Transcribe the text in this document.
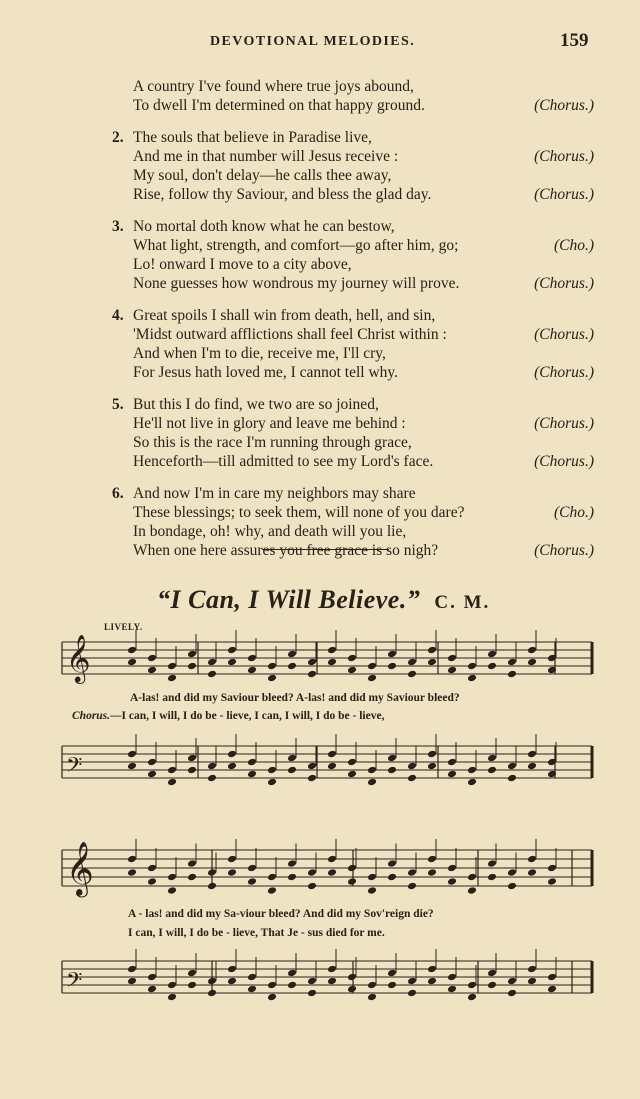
DEVOTIONAL MELODIES.	159
A country I've found where true joys abound,
To dwell I'm determined on that happy ground.	(Chorus.)
2. The souls that believe in Paradise live,
And me in that number will Jesus receive :	(Chorus.)
My soul, don't delay—he calls thee away,
Rise, follow thy Saviour, and bless the glad day.	(Chorus.)
3. No mortal doth know what he can bestow,
What light, strength, and comfort—go after him, go;	(Cho.)
Lo! onward I move to a city above,
None guesses how wondrous my journey will prove.	(Chorus.)
4. Great spoils I shall win from death, hell, and sin,
'Midst outward afflictions shall feel Christ within :	(Chorus.)
And when I'm to die, receive me, I'll cry,
For Jesus hath loved me, I cannot tell why.	(Chorus.)
5. But this I do find, we two are so joined,
He'll not live in glory and leave me behind :	(Chorus.)
So this is the race I'm running through grace,
Henceforth—till admitted to see my Lord's face.	(Chorus.)
6. And now I'm in care my neighbors may share
These blessings; to seek them, will none of you dare?	(Cho.)
In bondage, oh! why, and death will you lie,
When one here assures you free grace is so nigh?	(Chorus.)
“I Can, I Will Believe.” C. M.
LIVELY.
𝄞
A-las! and did my Saviour bleed? A-las! and did my Saviour bleed?
Chorus.—I can, I will, I do be - lieve, I can, I will, I do be - lieve,
𝄢
𝄞
A - las! and did my Sa-viour bleed? And did my Sov'reign die?
I can, I will, I do be - lieve, That Je - sus died for me.
𝄢
